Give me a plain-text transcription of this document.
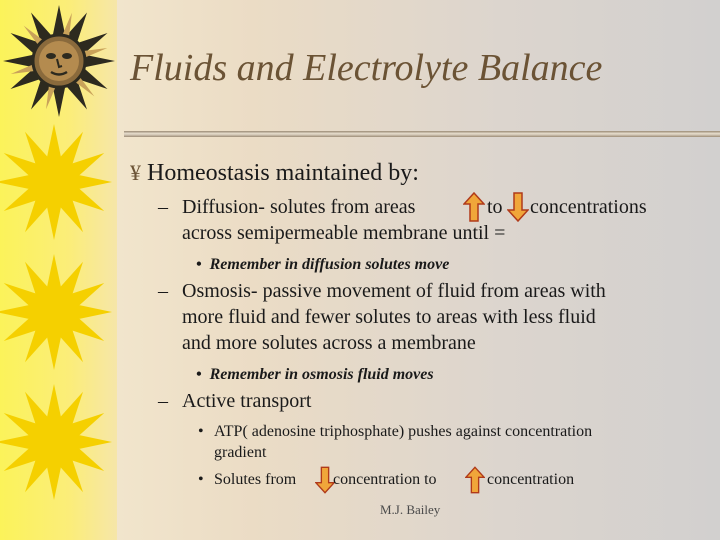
Fluids and Electrolyte Balance
¥ Homeostasis maintained by:
– Diffusion- solutes from areas	to concentrations
across semipermeable membrane until =
• Remember in diffusion solutes move
– Osmosis- passive movement of fluid from areas with
more fluid and fewer solutes to areas with less fluid
and more solutes across a membrane
• Remember in osmosis fluid moves
– Active transport
• ATP( adenosine triphosphate) pushes against concentration
gradient
• Solutes from concentration to	concentration
M.J. Bailey
